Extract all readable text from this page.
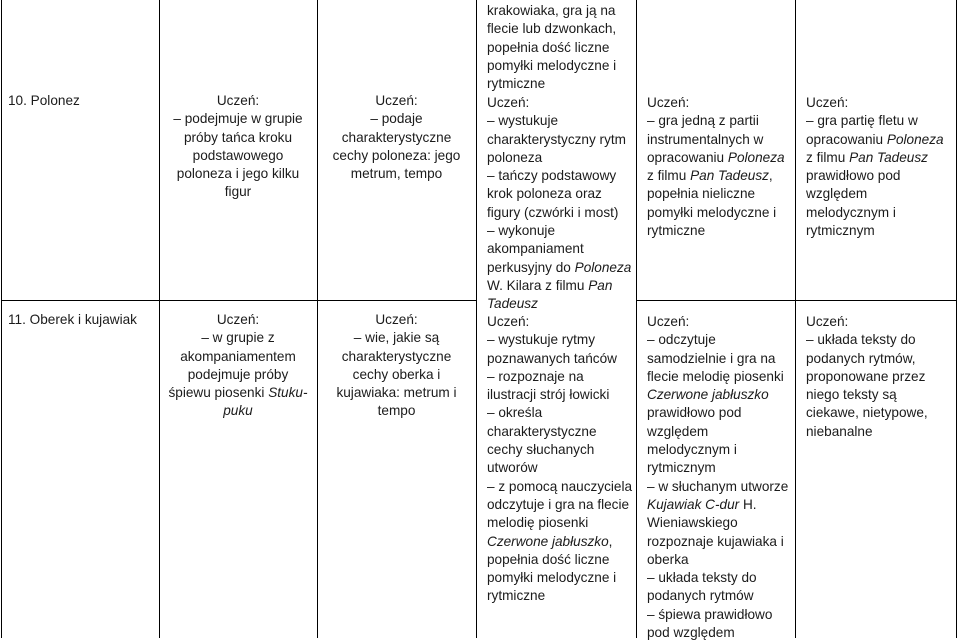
10. Polonez	Uczeń:
– podejmuje w grupie
próby tańca kroku
podstawowego
poloneza i jego kilku
figur
Uczeń:
– podaje
charakterystyczne
cechy poloneza: jego
metrum, tempo
krakowiaka, gra ją na
flecie lub dzwonkach,
popełnia dość liczne
pomyłki melodyczne i
rytmiczne
Uczeń:
– wystukuje
charakterystyczny rytm
poloneza
– tańczy podstawowy
krok poloneza oraz
figury (czwórki i most)
– wykonuje
akompaniament
perkusyjny do Poloneza
W. Kilara z filmu Pan
Tadeusz
Uczeń:
– gra jedną z partii
instrumentalnych w
opracowaniu Poloneza
z filmu Pan Tadeusz,
popełnia nieliczne
pomyłki melodyczne i
rytmiczne
Uczeń:
– gra partię fletu w
opracowaniu Poloneza
z filmu Pan Tadeusz
prawidłowo pod
względem
melodycznym i
rytmicznym
11. Oberek i kujawiak	Uczeń:
– w grupie z
akompaniamentem
podejmuje próby
śpiewu piosenki Stuku-
puku
Uczeń:
– wie, jakie są
charakterystyczne
cechy oberka i
kujawiaka: metrum i
tempo
Uczeń:
– wystukuje rytmy
poznawanych tańców
– rozpoznaje na
ilustracji strój łowicki
– określa
charakterystyczne
cechy słuchanych
utworów
– z pomocą nauczyciela
odczytuje i gra na flecie
melodię piosenki
Czerwone jabłuszko,
popełnia dość liczne
pomyłki melodyczne i
rytmiczne
Uczeń:
– odczytuje
samodzielnie i gra na
flecie melodię piosenki
Czerwone jabłuszko
prawidłowo pod
względem
melodycznym i
rytmicznym
– w słuchanym utworze
Kujawiak C-dur H.
Wieniawskiego
rozpoznaje kujawiaka i
oberka
– układa teksty do
podanych rytmów
– śpiewa prawidłowo
pod względem
Uczeń:
– układa teksty do
podanych rytmów,
proponowane przez
niego teksty są
ciekawe, nietypowe,
niebanalne
